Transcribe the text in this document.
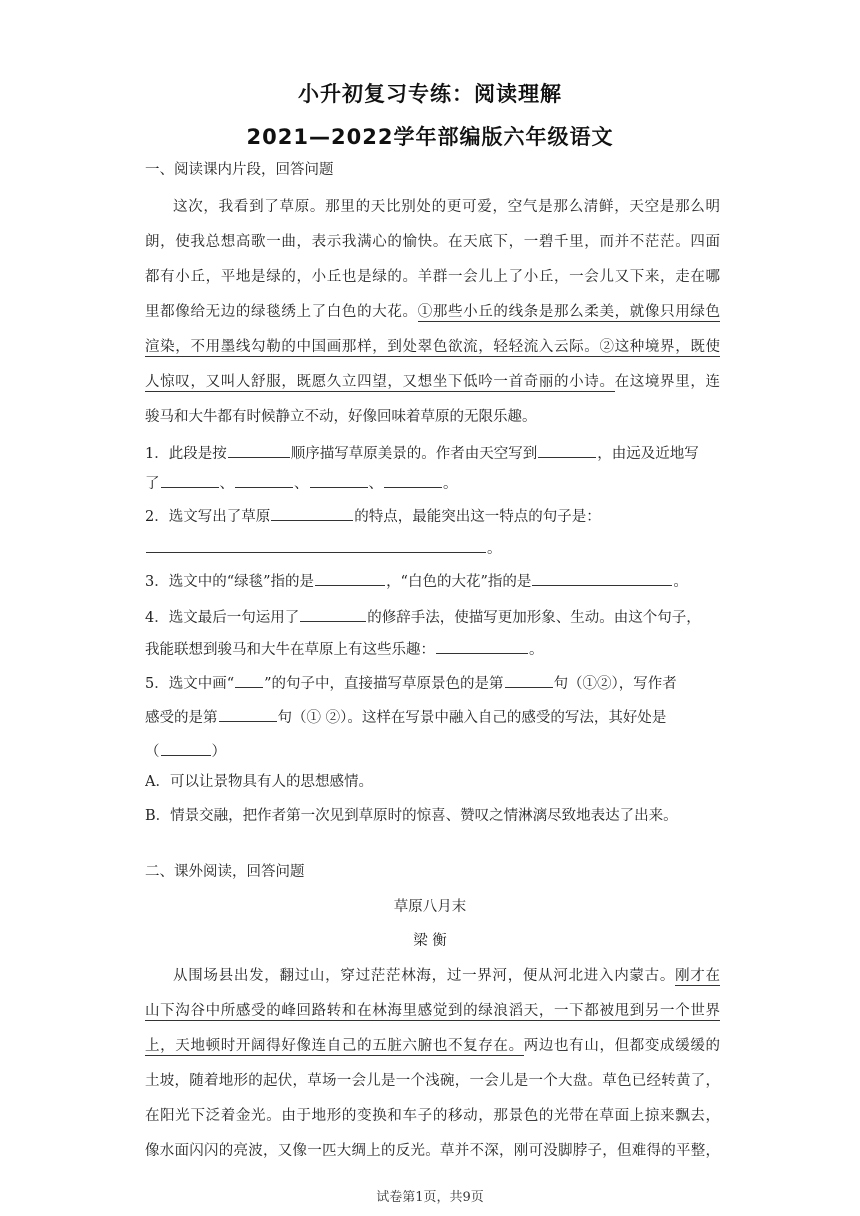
小升初复习专练：阅读理解
2021—2022学年部编版六年级语文
一、阅读课内片段，回答问题
这次，我看到了草原。那里的天比别处的更可爱，空气是那么清鲜，天空是那么明
朗，使我总想高歌一曲，表示我满心的愉快。在天底下，一碧千里，而并不茫茫。四面
都有小丘，平地是绿的，小丘也是绿的。羊群一会儿上了小丘，一会儿又下来，走在哪
里都像给无边的绿毯绣上了白色的大花。①那些小丘的线条是那么柔美，就像只用绿色
渲染，不用墨线勾勒的中国画那样，到处翠色欲流，轻轻流入云际。②这种境界，既使
人惊叹，又叫人舒服，既愿久立四望，又想坐下低吟一首奇丽的小诗。在这境界里，连
骏马和大牛都有时候静立不动，好像回味着草原的无限乐趣。
1．此段是按	顺序描写草原美景的。作者由天空写到	，由远及近地写
了	、	、	、	。
2．选文写出了草原	的特点，最能突出这一特点的句子是：
。
3．选文中的“绿毯”指的是	，“白色的大花”指的是	。
4．选文最后一句运用了	的修辞手法，使描写更加形象、生动。由这个句子，
我能联想到骏马和大牛在草原上有这些乐趣：	。
5．选文中画“ ”的句子中，直接描写草原景色的是第	句（①②），写作者
感受的是第	句（① ②）。这样在写景中融入自己的感受的写法，其好处是
（	）
A．可以让景物具有人的思想感情。
B．情景交融，把作者第一次见到草原时的惊喜、赞叹之情淋漓尽致地表达了出来。
二、课外阅读，回答问题
草原八月末
梁 衡
从围场县出发，翻过山，穿过茫茫林海，过一界河，便从河北进入内蒙古。刚才在
山下沟谷中所感受的峰回路转和在林海里感觉到的绿浪滔天，一下都被甩到另一个世界
上，天地顿时开阔得好像连自己的五脏六腑也不复存在。两边也有山，但都变成缓缓的
土坡，随着地形的起伏，草场一会儿是一个浅碗，一会儿是一个大盘。草色已经转黄了，
在阳光下泛着金光。由于地形的变换和车子的移动，那景色的光带在草面上掠来飘去，
像水面闪闪的亮波，又像一匹大绸上的反光。草并不深，刚可没脚脖子，但难得的平整，
试卷第1页，共9页
